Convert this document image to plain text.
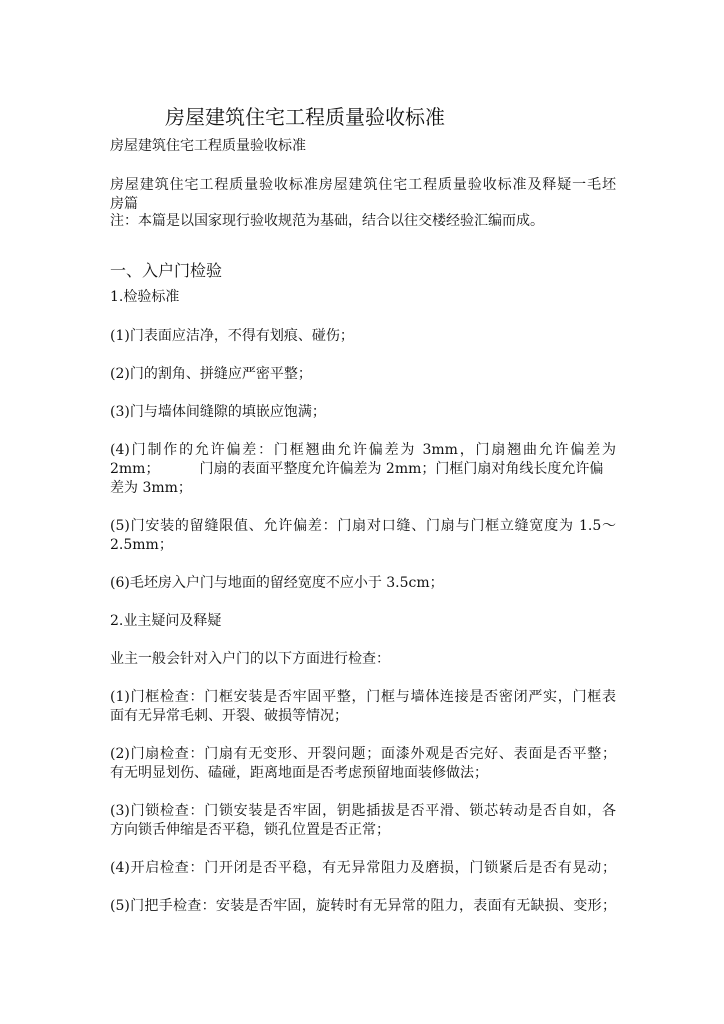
房屋建筑住宅工程质量验收标准
房屋建筑住宅工程质量验收标准
房屋建筑住宅工程质量验收标准房屋建筑住宅工程质量验收标准及释疑一毛坯
房篇
注：本篇是以国家现行验收规范为基础，结合以往交楼经验汇编而成。
一、入户门检验
1.检验标准
(1)门表面应洁净，不得有划痕、碰伤；
(2)门的割角、拼缝应严密平整；
(3)门与墙体间缝隙的填嵌应饱满；
(4)门制作的允许偏差：门框翘曲允许偏差为 3mm，门扇翘曲允许偏差为
2mm；	门扇的表面平整度允许偏差为 2mm；门框门扇对角线长度允许偏
差为 3mm；
(5)门安装的留缝限值、允许偏差：门扇对口缝、门扇与门框立缝宽度为 1.5～
2.5mm；
(6)毛坯房入户门与地面的留经宽度不应小于 3.5cm；
2.业主疑问及释疑
业主一般会针对入户门的以下方面进行检查：
(1)门框检查：门框安装是否牢固平整，门框与墙体连接是否密闭严实，门框表
面有无异常毛刺、开裂、破损等情况；
(2)门扇检查：门扇有无变形、开裂问题；面漆外观是否完好、表面是否平整；
有无明显划伤、磕碰，距离地面是否考虑预留地面装修做法；
(3)门锁检查：门锁安装是否牢固，钥匙插拔是否平滑、锁芯转动是否自如，各
方向锁舌伸缩是否平稳，锁孔位置是否正常；
(4)开启检查：门开闭是否平稳，有无异常阻力及磨损，门锁紧后是否有晃动；
(5)门把手检查：安装是否牢固，旋转时有无异常的阻力，表面有无缺损、变形；
